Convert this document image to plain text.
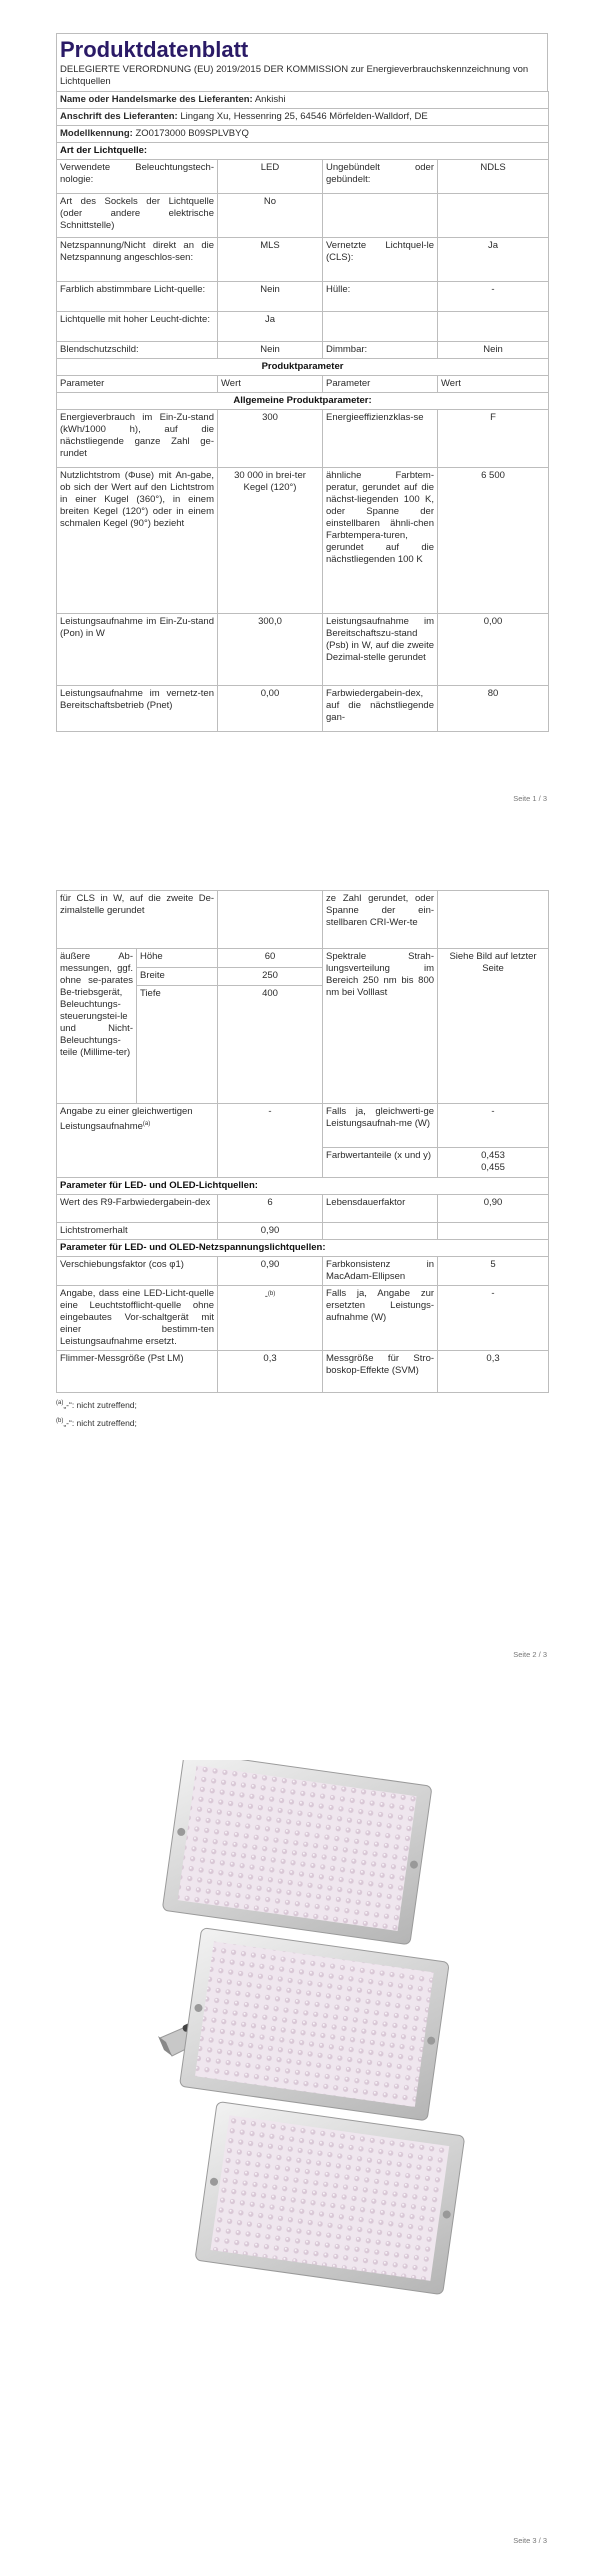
Produktdatenblatt
DELEGIERTE VERORDNUNG (EU) 2019/2015 DER KOMMISSION zur Energieverbrauchskennzeichnung von Lichtquellen
Name oder Handelsmarke des Lieferanten: Ankishi			
Anschrift des Lieferanten: Lingang Xu, Hessenring 25, 64546 Mörfelden-Walldorf, DE			
Modellkennung: ZO0173000 B09SPLVBYQ			
Art der Lichtquelle:			
Verwendete Beleuchtungstech-nologie:	LED	Ungebündelt oder gebündelt:	NDLS
Art des Sockels der Lichtquelle (oder andere elektrische Schnittstelle)	No		
Netzspannung/Nicht direkt an die Netzspannung angeschlos-sen:	MLS	Vernetzte Lichtquel-le (CLS):	Ja
Farblich abstimmbare Licht-quelle:	Nein	Hülle:	-
Lichtquelle mit hoher Leucht-dichte:	Ja		
Blendschutzschild:	Nein	Dimmbar:	Nein
Produktparameter			
Parameter	Wert	Parameter	Wert
Allgemeine Produktparameter:			
Energieverbrauch im Ein-Zu-stand (kWh/1000 h), auf die nächstliegende ganze Zahl ge-rundet	300	Energieeffizienzklas-se	F
Nutzlichtstrom (Φuse) mit An-gabe, ob sich der Wert auf den Lichtstrom in einer Kugel (360°), in einem breiten Kegel (120°) oder in einem schmalen Kegel (90°) bezieht	30 000 in brei-ter Kegel (120°)	ähnliche Farbtem-peratur, gerundet auf die nächst-liegenden 100 K, oder Spanne der einstellbaren ähnli-chen Farbtempera-turen, gerundet auf die nächstliegenden 100 K	6 500
Leistungsaufnahme im Ein-Zu-stand (Pon) in W	300,0	Leistungsaufnahme im Bereitschaftszu-stand (Psb) in W, auf die zweite Dezimal-stelle gerundet	0,00
Leistungsaufnahme im vernetz-ten Bereitschaftsbetrieb (Pnet)	0,00	Farbwiedergabein-dex, auf die nächstliegende gan-	80
Seite 1 / 3
für CLS in W, auf die zweite De-zimalstelle gerundet			ze Zahl gerundet, oder Spanne der ein-stellbaren CRI-Wer-te	
äußere Ab-messungen, ggf. ohne se-parates Be-triebsgerät, Beleuchtungs-steuerungstei-le und Nicht-Beleuchtungs-teile (Millime-ter)	Höhe	60	Spektrale Strah-lungsverteilung im Bereich 250 nm bis 800 nm bei Volllast	Siehe Bild auf letzter Seite
	Breite	250		
	Tiefe	400		
Angabe zu einer gleichwertigen Leistungsaufnahme$^{(a)}$		-	Falls ja, gleichwerti-ge Leistungsaufnah-me (W)	-
			Farbwertanteile (x und y)	0,453
0,455
Parameter für LED- und OLED-Lichtquellen:				
Wert des R9-Farbwiedergabein-dex		6	Lebensdauerfaktor	0,90
Lichtstromerhalt		0,90		
Parameter für LED- und OLED-Netzspannungslichtquellen:				
Verschiebungsfaktor (cos φ1)		0,90	Farbkonsistenz in MacAdam-Ellipsen	5
Angabe, dass eine LED-Licht-quelle eine Leuchtstofflicht-quelle ohne eingebautes Vor-schaltgerät mit einer bestimm-ten Leistungsaufnahme ersetzt.		-$^{(b)}$	Falls ja, Angabe zur ersetzten Leistungs-aufnahme (W)	-
Flimmer-Messgröße (Pst LM)		0,3	Messgröße für Stro-boskop-Effekte (SVM)	0,3
$^{(a)}$„-“: nicht zutreffend;
$^{(b)}$„-“: nicht zutreffend;
Seite 2 / 3
Seite 3 / 3
